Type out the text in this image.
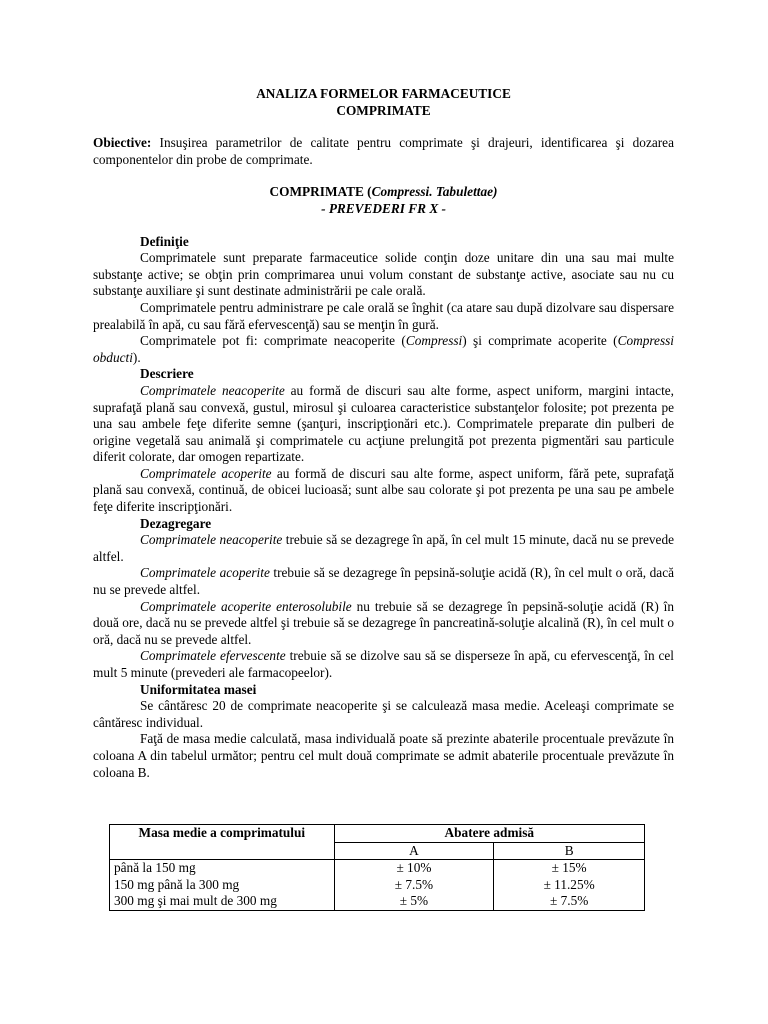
ANALIZA FORMELOR FARMACEUTICE

COMPRIMATE

Obiective: Insuşirea parametrilor de calitate pentru comprimate şi drajeuri, identificarea şi dozarea componentelor din probe de comprimate.

COMPRIMATE (Compressi. Tabulettae)

- PREVEDERI FR X -

Definiţie

Comprimatele sunt preparate farmaceutice solide conţin doze unitare din una sau mai multe substanţe active; se obţin prin comprimarea unui volum constant de substanţe active, asociate sau nu cu substanţe auxiliare şi sunt destinate administrării pe cale orală.

Comprimatele pentru administrare pe cale orală se înghit (ca atare sau după dizolvare sau dispersare prealabilă în apă, cu sau fără efervescenţă) sau se menţin în gură.

Comprimatele pot fi: comprimate neacoperite (Compressi) şi comprimate acoperite (Compressi obducti).

Descriere

Comprimatele neacoperite au formă de discuri sau alte forme, aspect uniform, margini intacte, suprafaţă plană sau convexă, gustul, mirosul şi culoarea caracteristice substanţelor folosite; pot prezenta pe una sau ambele feţe diferite semne (şanţuri, inscripţionări etc.). Comprimatele preparate din pulberi de origine vegetală sau animală şi comprimatele cu acţiune prelungită pot prezenta pigmentări sau particule diferit colorate, dar omogen repartizate.

Comprimatele acoperite au formă de discuri sau alte forme, aspect uniform, fără pete, suprafaţă plană sau convexă, continuă, de obicei lucioasă; sunt albe sau colorate şi pot prezenta pe una sau pe ambele feţe diferite inscripţionări.

Dezagregare

Comprimatele neacoperite trebuie să se dezagrege în apă, în cel mult 15 minute, dacă nu se prevede altfel.

Comprimatele acoperite trebuie să se dezagrege în pepsină-soluţie acidă (R), în cel mult o oră, dacă nu se prevede altfel.

Comprimatele acoperite enterosolubile nu trebuie să se dezagrege în pepsină-soluţie acidă (R) în două ore, dacă nu se prevede altfel şi trebuie să se dezagrege în pancreatină-soluţie alcalină (R), în cel mult o oră, dacă nu se prevede altfel.

Comprimatele efervescente trebuie să se dizolve sau să se disperseze în apă, cu efervescenţă, în cel mult 5 minute (prevederi ale farmacopeelor).

Uniformitatea masei

Se cântăresc 20 de comprimate neacoperite şi se calculează masa medie. Aceleaşi comprimate se cântăresc individual.

Faţă de masa medie calculată, masa individuală poate să prezinte abaterile procentuale prevăzute în coloana A din tabelul următor; pentru cel mult două comprimate se admit abaterile procentuale prevăzute în coloana B.

Masa medie a comprimatului	Abatere admisă	
	A	B
până la 150 mg	± 10%	± 15%
150 mg până la 300 mg	± 7.5%	± 11.25%
300 mg şi mai mult de 300 mg	± 5%	± 7.5%
